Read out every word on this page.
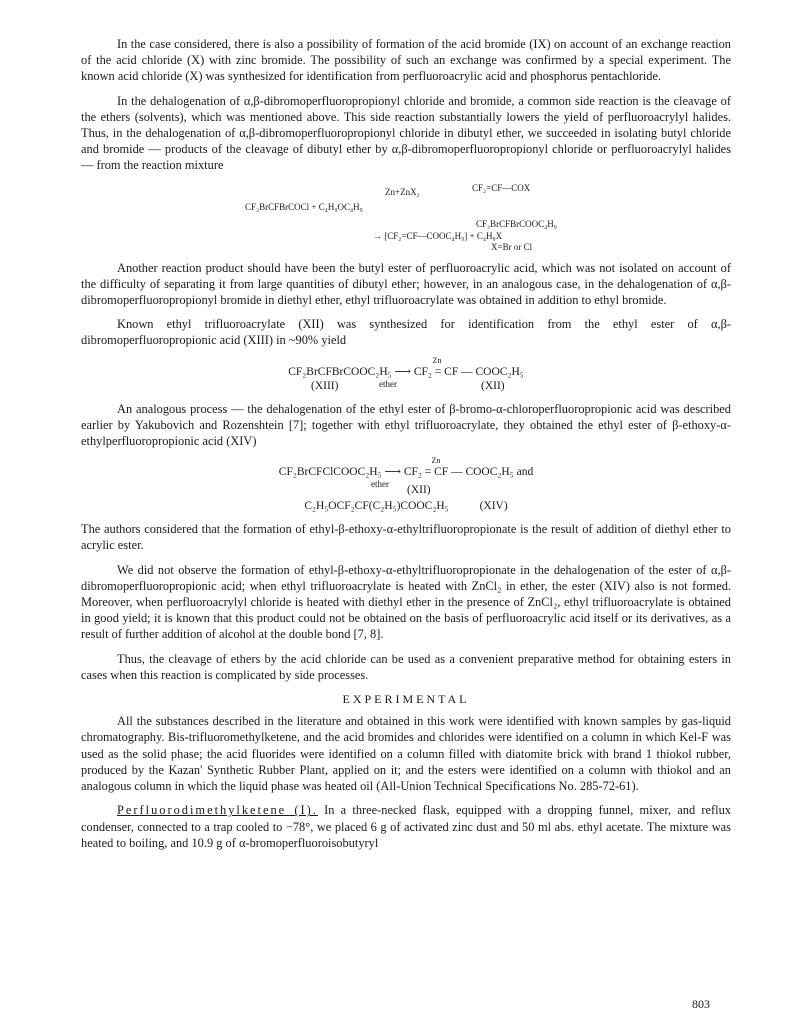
In the case considered, there is also a possibility of formation of the acid bromide (IX) on account of an exchange reaction of the acid chloride (X) with zinc bromide. The possibility of such an exchange was confirmed by a special experiment. The known acid chloride (X) was synthesized for identification from perfluoroacrylic acid and phosphorus pentachloride.

In the dehalogenation of α,β-dibromoperfluoropropionyl chloride and bromide, a common side reaction is the cleavage of the ethers (solvents), which was mentioned above. This side reaction substantially lowers the yield of perfluoroacrylyl halides. Thus, in the dehalogenation of α,β-dibromoperfluoropropionyl chloride in dibutyl ether, we succeeded in isolating butyl chloride and bromide — products of the cleavage of dibutyl ether by α,β-dibromoperfluoropropionyl chloride or perfluoroacrylyl halides — from the reaction mixture

CF₂BrCFBrCOCl + C₄H₉OC₄H₉
Zn+ZnX₂	CF₂=CF—COX
CF₂BrCFBrCOOC₄H₉
→ [CF₂=CF—COOC₄H₉] + C₄H₉X
X=Br or Cl

Another reaction product should have been the butyl ester of perfluoroacrylic acid, which was not isolated on account of the difficulty of separating it from large quantities of dibutyl ether; however, in an analogous case, in the dehalogenation of α,β-dibromoperfluoropropionyl bromide in diethyl ether, ethyl trifluoroacrylate was obtained in addition to ethyl bromide.

Known ethyl trifluoroacrylate (XII) was synthesized for identification from the ethyl ester of α,β-dibromoperfluoropropionic acid (XIII) in ~90% yield

Zn
CF₂BrCFBrCOOC₂H₅ ⟶ CF₂ = CF — COOC₂H₅
(XIII)	ether	(XII)

An analogous process — the dehalogenation of the ethyl ester of β-bromo-α-chloroperfluoropropionic acid was described earlier by Yakubovich and Rozenshtein [7]; together with ethyl trifluoroacrylate, they obtained the ethyl ester of β-ethoxy-α-ethylperfluoropropionic acid (XIV)

Zn
CF₂BrCFClCOOC₂H₅ ⟶ CF₂ = CF — COOC₂H₅ and
ether (XII)
C₂H₅OCF₂CF(C₂H₅)COOC₂H₅	(XIV)

The authors considered that the formation of ethyl-β-ethoxy-α-ethyltrifluoropropionate is the result of addition of diethyl ether to acrylic ester.

We did not observe the formation of ethyl-β-ethoxy-α-ethyltrifluoropropionate in the dehalogenation of the ester of α,β-dibromoperfluoropropionic acid; when ethyl trifluoroacrylate is heated with ZnCl₂ in ether, the ester (XIV) also is not formed. Moreover, when perfluoroacrylyl chloride is heated with diethyl ether in the presence of ZnCl₂, ethyl trifluoroacrylate is obtained in good yield; it is known that this product could not be obtained on the basis of perfluoroacrylic acid itself or its derivatives, as a result of further addition of alcohol at the double bond [7, 8].

Thus, the cleavage of ethers by the acid chloride can be used as a convenient preparative method for obtaining esters in cases when this reaction is complicated by side processes.

EXPERIMENTAL

All the substances described in the literature and obtained in this work were identified with known samples by gas-liquid chromatography. Bis-trifluoromethylketene, and the acid bromides and chlorides were identified on a column in which Kel-F was used as the solid phase; the acid fluorides were identified on a column filled with diatomite brick with brand 1 thiokol rubber, produced by the Kazan' Synthetic Rubber Plant, applied on it; and the esters were identified on a column with thiokol and an analogous column in which the liquid phase was heated oil (All-Union Technical Specifications No. 285-72-61).

Perfluorodimethylketene (I). In a three-necked flask, equipped with a dropping funnel, mixer, and reflux condenser, connected to a trap cooled to −78°, we placed 6 g of activated zinc dust and 50 ml abs. ethyl acetate. The mixture was heated to boiling, and 10.9 g of α-bromoperfluoroisobutyryl

803
